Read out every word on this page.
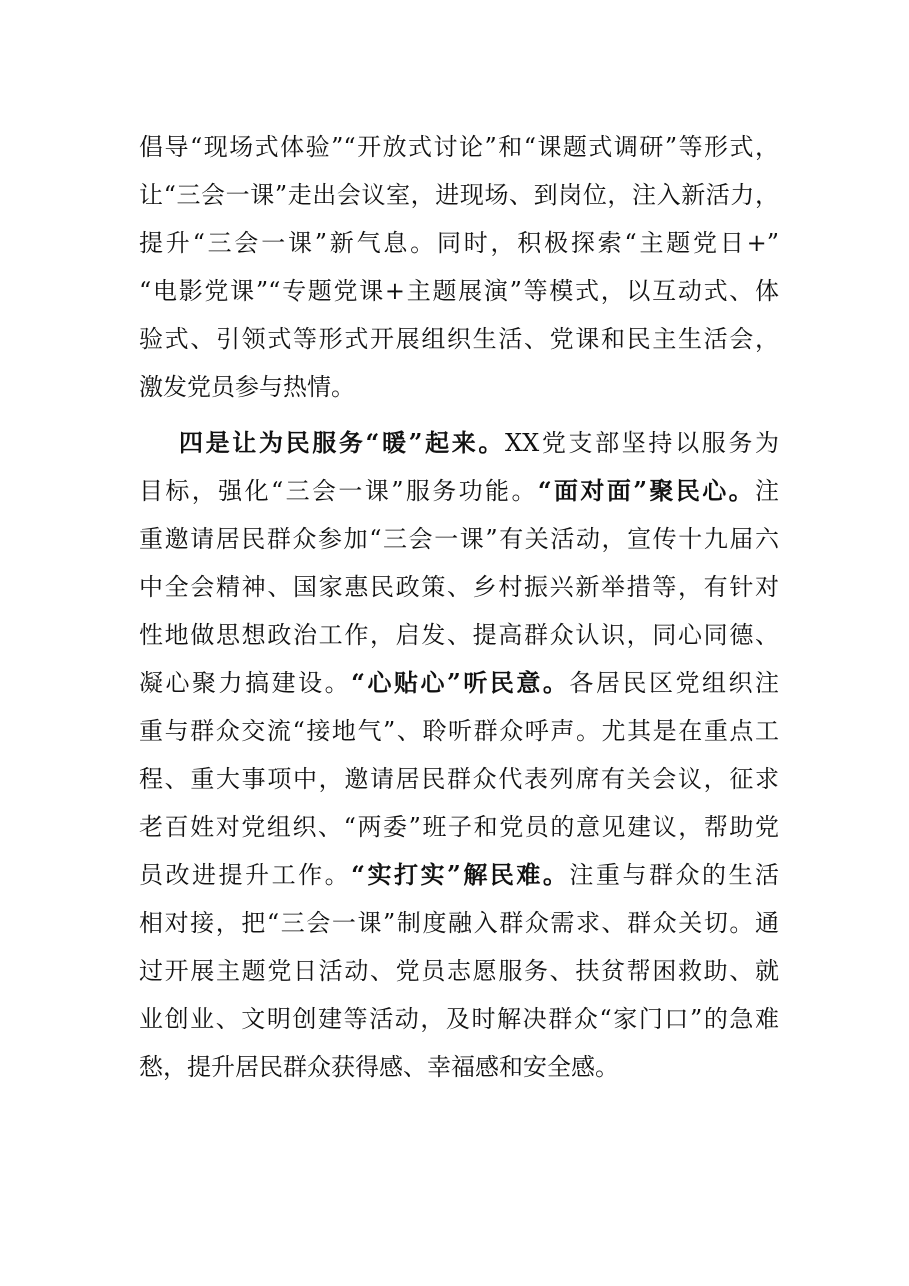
倡导“现场式体验”“开放式讨论”和“课题式调研”等形式，
让“三会一课”走出会议室，进现场、到岗位，注入新活力，
提升“三会一课”新气息。同时，积极探索“主题党日+”
“电影党课”“专题党课+主题展演”等模式，以互动式、体
验式、引领式等形式开展组织生活、党课和民主生活会，
激发党员参与热情。
四是让为民服务“暖”起来。XX党支部坚持以服务为
目标，强化“三会一课”服务功能。“面对面”聚民心。注
重邀请居民群众参加“三会一课”有关活动，宣传十九届六
中全会精神、国家惠民政策、乡村振兴新举措等，有针对
性地做思想政治工作，启发、提高群众认识，同心同德、
凝心聚力搞建设。“心贴心”听民意。各居民区党组织注
重与群众交流“接地气”、聆听群众呼声。尤其是在重点工
程、重大事项中，邀请居民群众代表列席有关会议，征求
老百姓对党组织、“两委”班子和党员的意见建议，帮助党
员改进提升工作。“实打实”解民难。注重与群众的生活
相对接，把“三会一课”制度融入群众需求、群众关切。通
过开展主题党日活动、党员志愿服务、扶贫帮困救助、就
业创业、文明创建等活动，及时解决群众“家门口”的急难
愁，提升居民群众获得感、幸福感和安全感。
